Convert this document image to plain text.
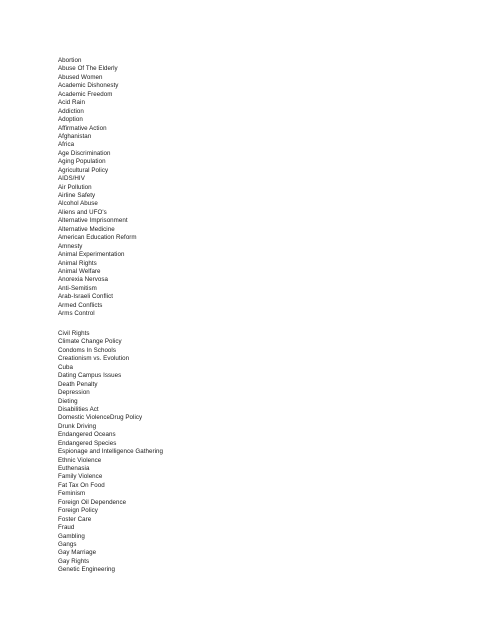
Abortion
Abuse Of The Elderly
Abused Women
Academic Dishonesty
Academic Freedom
Acid Rain
Addiction
Adoption
Affirmative Action
Afghanistan
Africa
Age Discrimination
Aging Population
Agricultural Policy
AIDS/HIV
Air Pollution
Airline Safety
Alcohol Abuse
Aliens and UFO's
Alternative Imprisonment
Alternative Medicine
American Education Reform
Amnesty
Animal Experimentation
Animal Rights
Animal Welfare
Anorexia Nervosa
Anti-Semitism
Arab-Israeli Conflict
Armed Conflicts
Arms Control
Civil Rights
Climate Change Policy
Condoms In Schools
Creationism vs. Evolution
Cuba
Dating Campus Issues
Death Penalty
Depression
Dieting
Disabilities Act
Domestic ViolenceDrug Policy
Drunk Driving
Endangered Oceans
Endangered Species
Espionage and Intelligence Gathering
Ethnic Violence
Euthenasia
Family Violence
Fat Tax On Food
Feminism
Foreign Oil Dependence
Foreign Policy
Foster Care
Fraud
Gambling
Gangs
Gay Marriage
Gay Rights
Genetic Engineering
